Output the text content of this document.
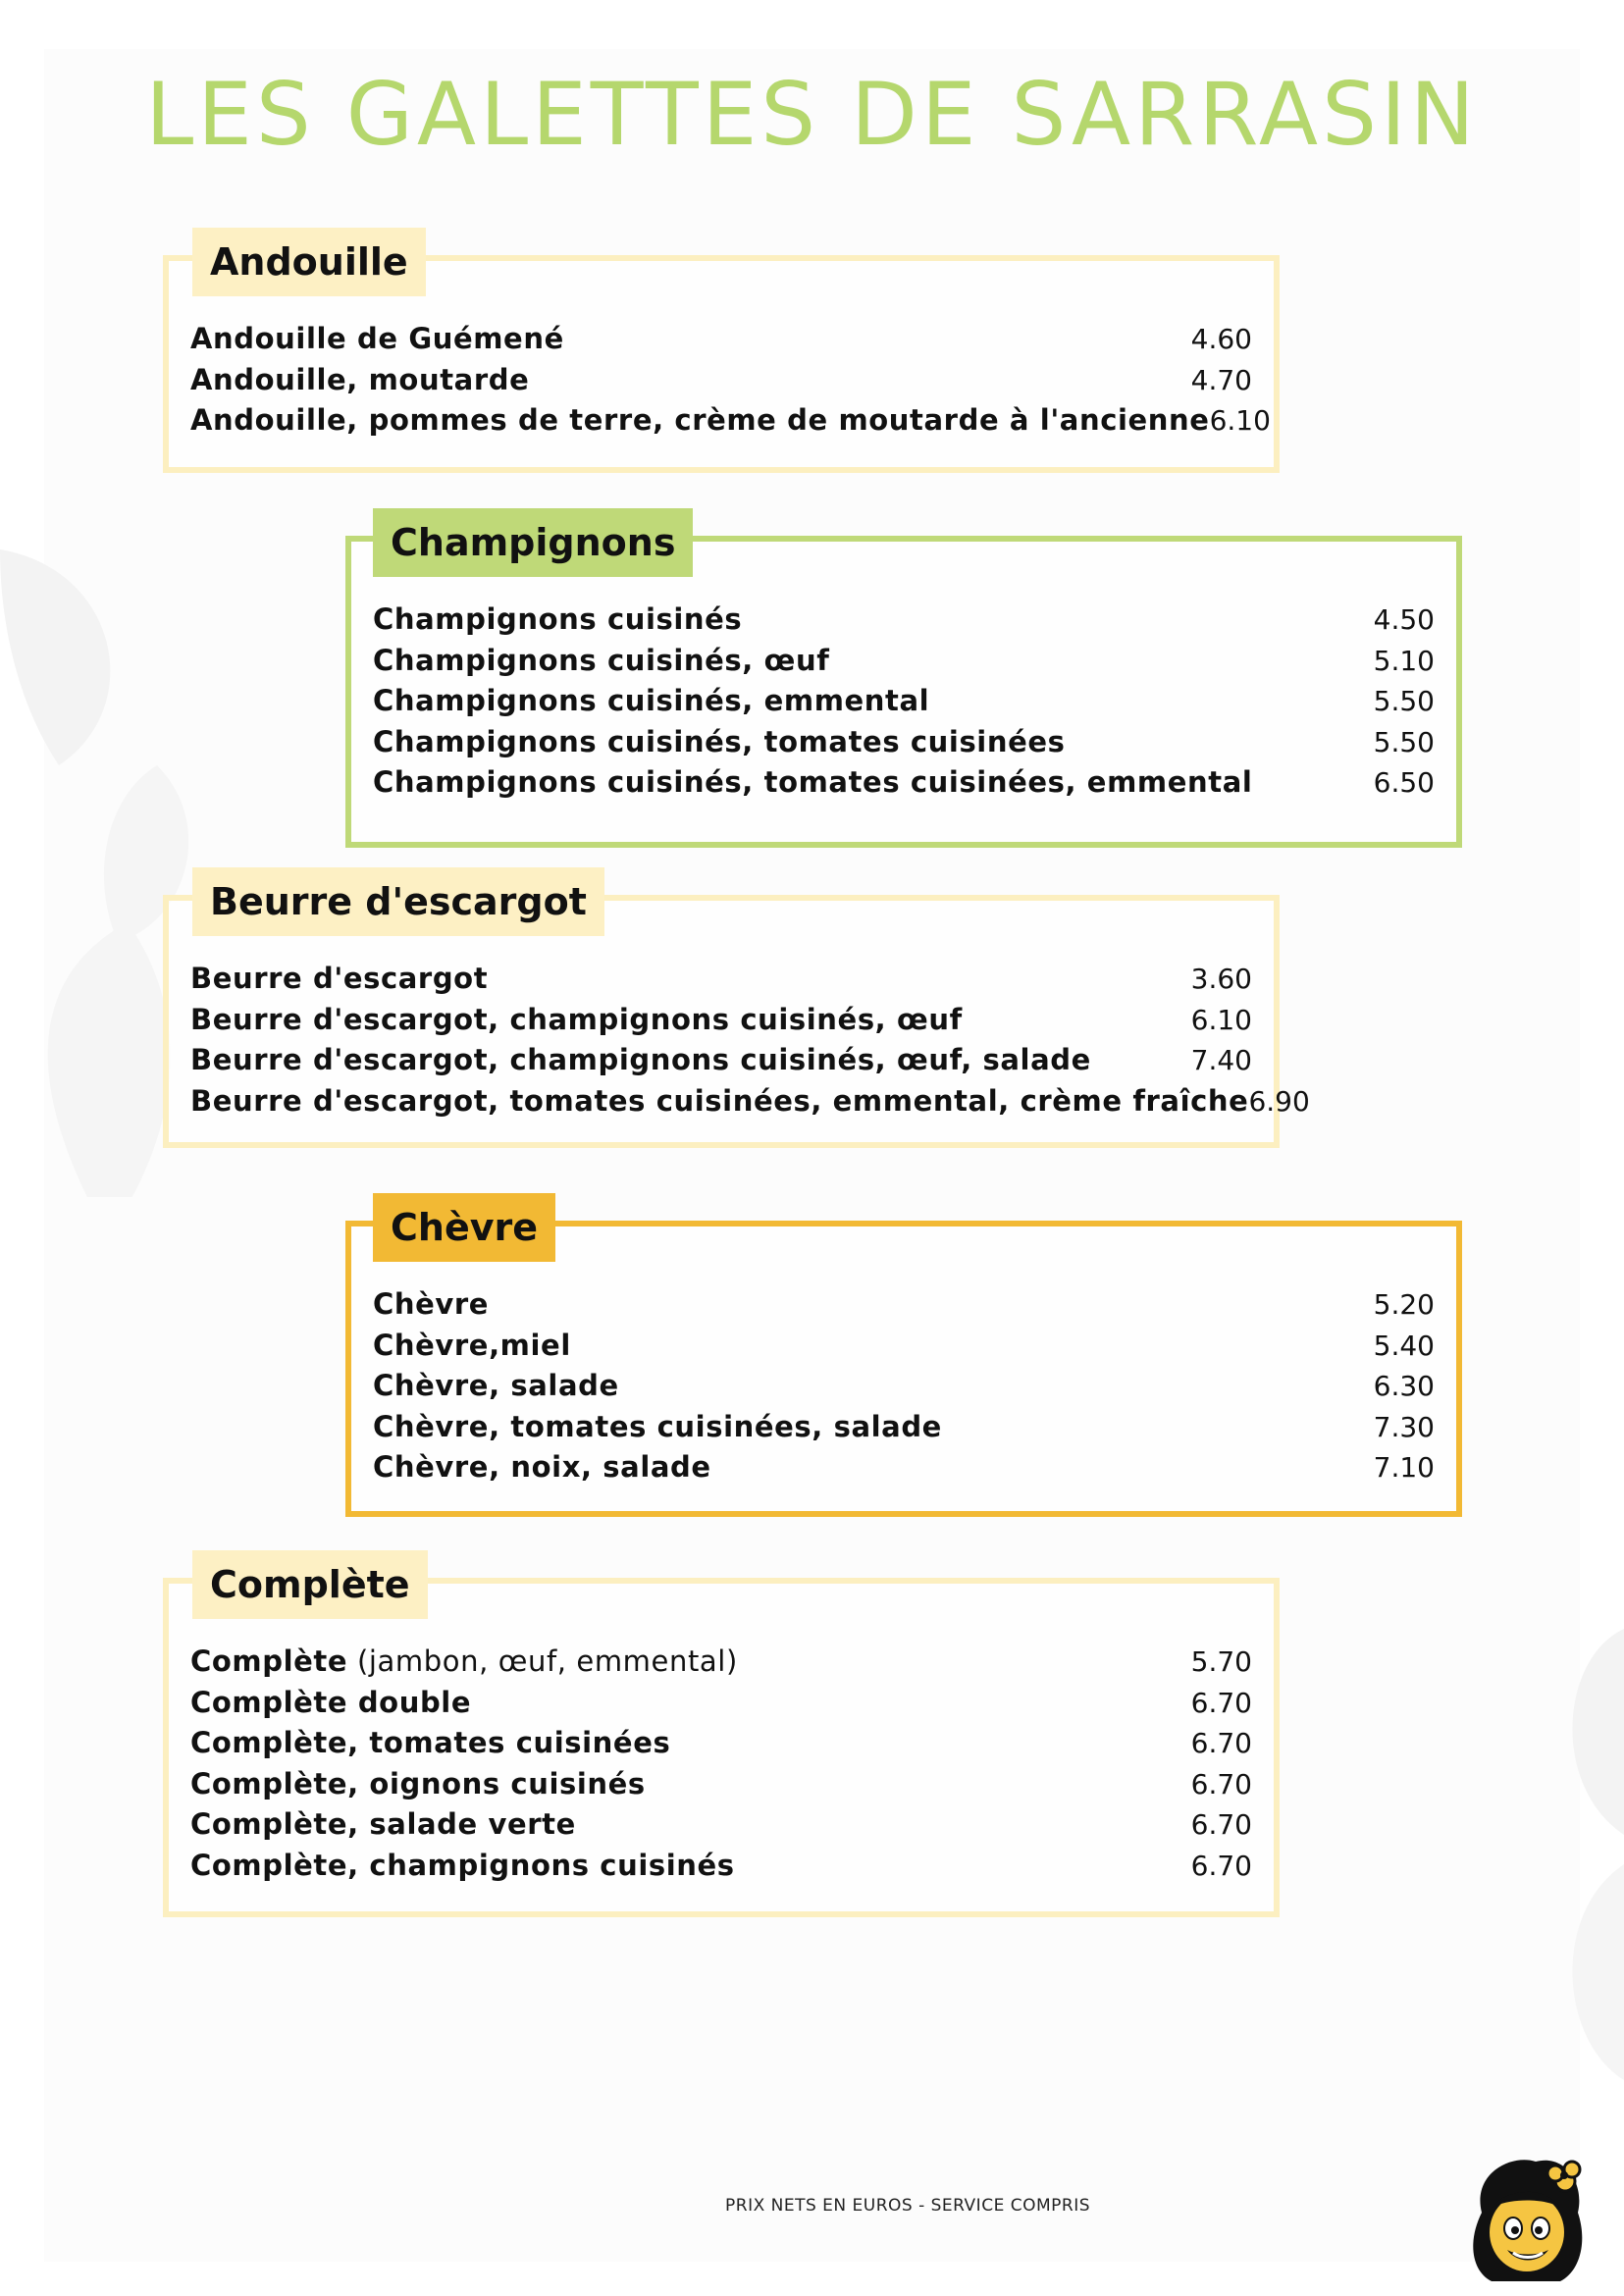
LES GALETTES DE SARRASIN
Andouille
Andouille de Guémené	4.60
Andouille, moutarde	4.70
Andouille, pommes de terre, crème de moutarde à l'ancienne 6.10
Champignons
Champignons cuisinés	4.50
Champignons cuisinés, œuf	5.10
Champignons cuisinés, emmental	5.50
Champignons cuisinés, tomates cuisinées	5.50
Champignons cuisinés, tomates cuisinées, emmental	6.50
Beurre d'escargot
Beurre d'escargot	3.60
Beurre d'escargot, champignons cuisinés, œuf	6.10
Beurre d'escargot, champignons cuisinés, œuf, salade	7.40
Beurre d'escargot, tomates cuisinées, emmental, crème fraîche 6.90
Chèvre
Chèvre	5.20
Chèvre,miel	5.40
Chèvre, salade	6.30
Chèvre, tomates cuisinées, salade	7.30
Chèvre, noix, salade	7.10
Complète
Complète (jambon, œuf, emmental)	5.70
Complète double	6.70
Complète, tomates cuisinées	6.70
Complète, oignons cuisinés	6.70
Complète, salade verte	6.70
Complète, champignons cuisinés	6.70
PRIX NETS EN EUROS - SERVICE COMPRIS
